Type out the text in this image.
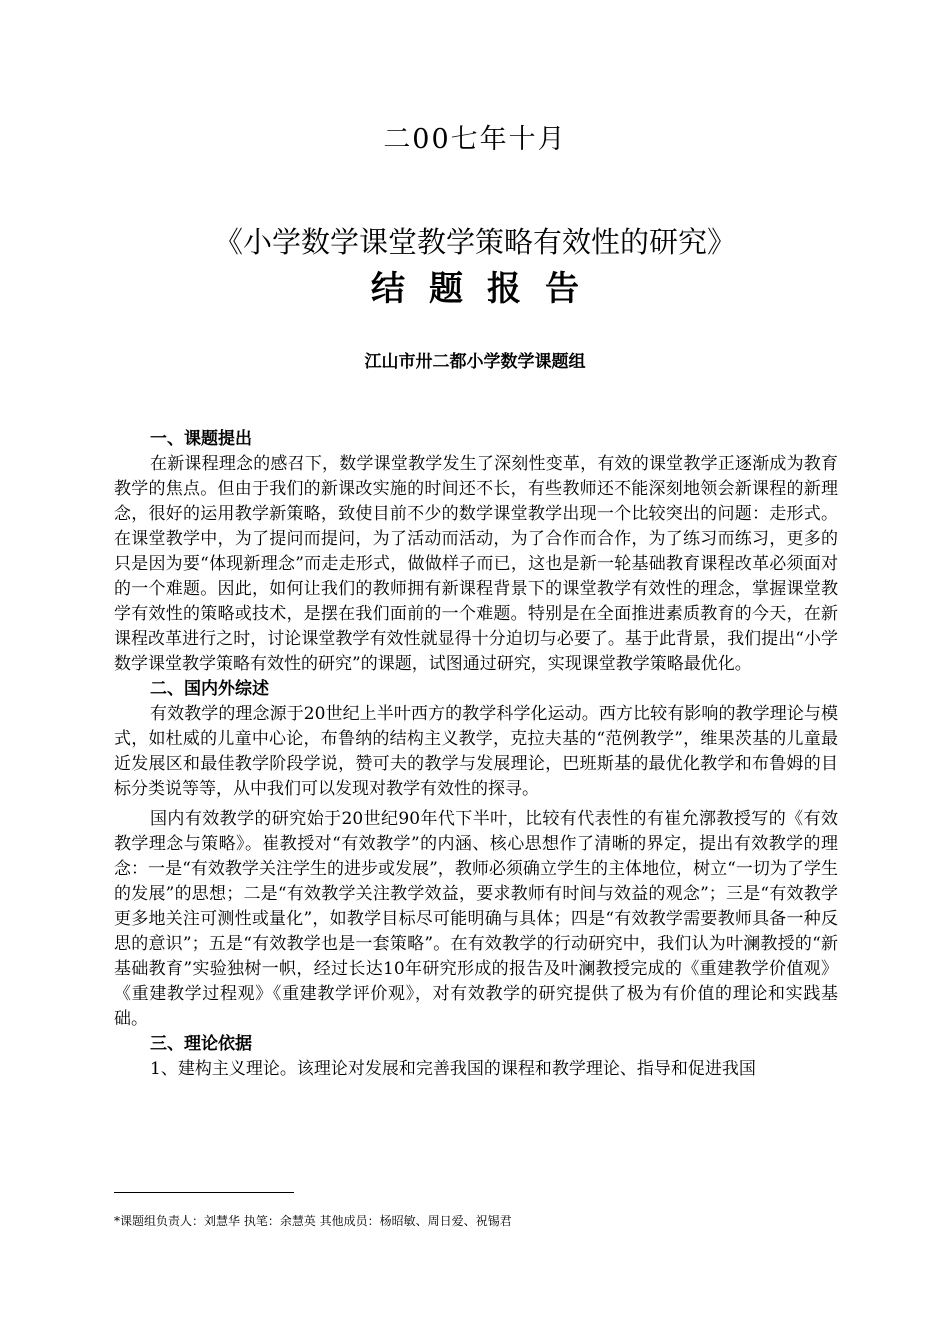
二00七年十月
《小学数学课堂教学策略有效性的研究》
结题报告
江山市卅二都小学数学课题组
一、课题提出

在新课程理念的感召下，数学课堂教学发生了深刻性变革，有效的课堂教学正逐渐成为教育教学的焦点。但由于我们的新课改实施的时间还不长，有些教师还不能深刻地领会新课程的新理念，很好的运用教学新策略，致使目前不少的数学课堂教学出现一个比较突出的问题：走形式。在课堂教学中，为了提问而提问，为了活动而活动，为了合作而合作，为了练习而练习，更多的只是因为要“体现新理念”而走走形式，做做样子而已，这也是新一轮基础教育课程改革必须面对的一个难题。因此，如何让我们的教师拥有新课程背景下的课堂教学有效性的理念，掌握课堂教学有效性的策略或技术，是摆在我们面前的一个难题。特别是在全面推进素质教育的今天，在新课程改革进行之时，讨论课堂教学有效性就显得十分迫切与必要了。基于此背景，我们提出“小学数学课堂教学策略有效性的研究”的课题，试图通过研究，实现课堂教学策略最优化。

二、国内外综述

有效教学的理念源于20世纪上半叶西方的教学科学化运动。西方比较有影响的教学理论与模式，如杜威的儿童中心论，布鲁纳的结构主义教学，克拉夫基的“范例教学”，维果茨基的儿童最近发展区和最佳教学阶段学说，赞可夫的教学与发展理论，巴班斯基的最优化教学和布鲁姆的目标分类说等等，从中我们可以发现对教学有效性的探寻。

国内有效教学的研究始于20世纪90年代下半叶，比较有代表性的有崔允漷教授写的《有效教学理念与策略》。崔教授对“有效教学”的内涵、核心思想作了清晰的界定，提出有效教学的理念：一是“有效教学关注学生的进步或发展”，教师必须确立学生的主体地位，树立“一切为了学生的发展”的思想；二是“有效教学关注教学效益，要求教师有时间与效益的观念”；三是“有效教学更多地关注可测性或量化”，如教学目标尽可能明确与具体；四是“有效教学需要教师具备一种反思的意识”；五是“有效教学也是一套策略”。在有效教学的行动研究中，我们认为叶澜教授的“新基础教育”实验独树一帜，经过长达10年研究形成的报告及叶澜教授完成的《重建教学价值观》《重建教学过程观》《重建教学评价观》，对有效教学的研究提供了极为有价值的理论和实践基础。

三、理论依据

1、建构主义理论。该理论对发展和完善我国的课程和教学理论、指导和促进我国

*课题组负责人：刘慧华 执笔：余慧英 其他成员：杨昭敏、周日爱、祝锡君
